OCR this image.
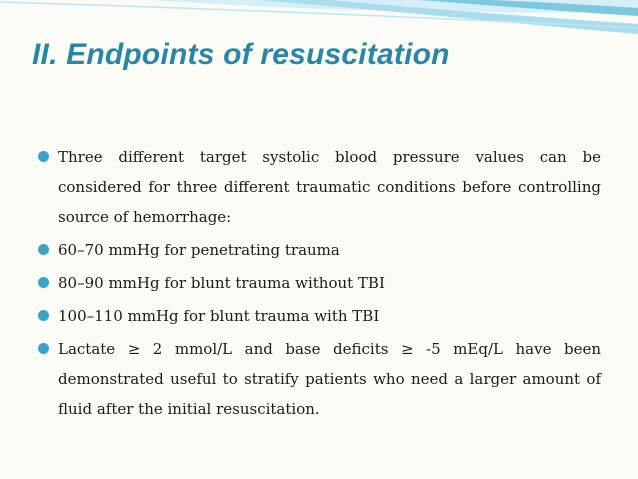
II. Endpoints of resuscitation
Three different target systolic blood pressure values can be considered for three different traumatic conditions before controlling source of hemorrhage:
60–70 mmHg for penetrating trauma
80–90 mmHg for blunt trauma without TBI
100–110 mmHg for blunt trauma with TBI
Lactate ≥ 2 mmol/L and base deficits ≥ -5 mEq/L have been demonstrated useful to stratify patients who need a larger amount of fluid after the initial resuscitation.
